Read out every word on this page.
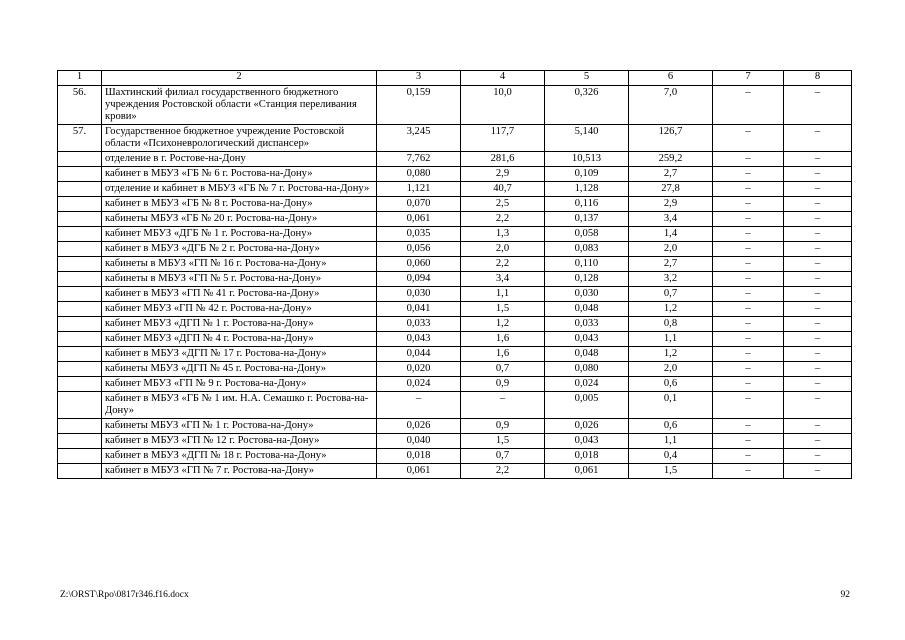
1	2	3	4	5	6	7	8
56.	Шахтинский филиал государственного бюджетного учреждения Ростовской области «Станция переливания крови»	0,159	10,0	0,326	7,0	–	–
57.	Государственное бюджетное учреждение Ростовской области «Психоневрологический диспансер»	3,245	117,7	5,140	126,7	–	–
	отделение в г. Ростове-на-Дону	7,762	281,6	10,513	259,2	–	–
	кабинет в МБУЗ «ГБ № 6 г. Ростова-на-Дону»	0,080	2,9	0,109	2,7	–	–
	отделение и кабинет в МБУЗ «ГБ № 7 г. Ростова-на-Дону»	1,121	40,7	1,128	27,8	–	–
	кабинет в МБУЗ «ГБ № 8 г. Ростова-на-Дону»	0,070	2,5	0,116	2,9	–	–
	кабинеты МБУЗ «ГБ № 20 г. Ростова-на-Дону»	0,061	2,2	0,137	3,4	–	–
	кабинет МБУЗ «ДГБ № 1 г. Ростова-на-Дону»	0,035	1,3	0,058	1,4	–	–
	кабинет в МБУЗ «ДГБ № 2 г. Ростова-на-Дону»	0,056	2,0	0,083	2,0	–	–
	кабинеты в МБУЗ «ГП № 16 г. Ростова-на-Дону»	0,060	2,2	0,110	2,7	–	–
	кабинеты в МБУЗ «ГП № 5 г. Ростова-на-Дону»	0,094	3,4	0,128	3,2	–	–
	кабинет в МБУЗ «ГП № 41 г. Ростова-на-Дону»	0,030	1,1	0,030	0,7	–	–
	кабинет МБУЗ «ГП № 42 г. Ростова-на-Дону»	0,041	1,5	0,048	1,2	–	–
	кабинет МБУЗ «ДГП № 1 г. Ростова-на-Дону»	0,033	1,2	0,033	0,8	–	–
	кабинет МБУЗ «ДГП № 4 г. Ростова-на-Дону»	0,043	1,6	0,043	1,1	–	–
	кабинет в МБУЗ «ДГП № 17 г. Ростова-на-Дону»	0,044	1,6	0,048	1,2	–	–
	кабинеты МБУЗ «ДГП № 45 г. Ростова-на-Дону»	0,020	0,7	0,080	2,0	–	–
	кабинет МБУЗ «ГП № 9 г. Ростова-на-Дону»	0,024	0,9	0,024	0,6	–	–
	кабинет в МБУЗ «ГБ № 1 им. Н.А. Семашко г. Ростова-на-Дону»	–	–	0,005	0,1	–	–
	кабинеты МБУЗ «ГП № 1 г. Ростова-на-Дону»	0,026	0,9	0,026	0,6	–	–
	кабинет в МБУЗ «ГП № 12 г. Ростова-на-Дону»	0,040	1,5	0,043	1,1	–	–
	кабинет в МБУЗ «ДГП № 18 г. Ростова-на-Дону»	0,018	0,7	0,018	0,4	–	–
	кабинет в МБУЗ «ГП № 7 г. Ростова-на-Дону»	0,061	2,2	0,061	1,5	–	–
Z:\ORST\Rpo\0817r346.f16.docx	92
